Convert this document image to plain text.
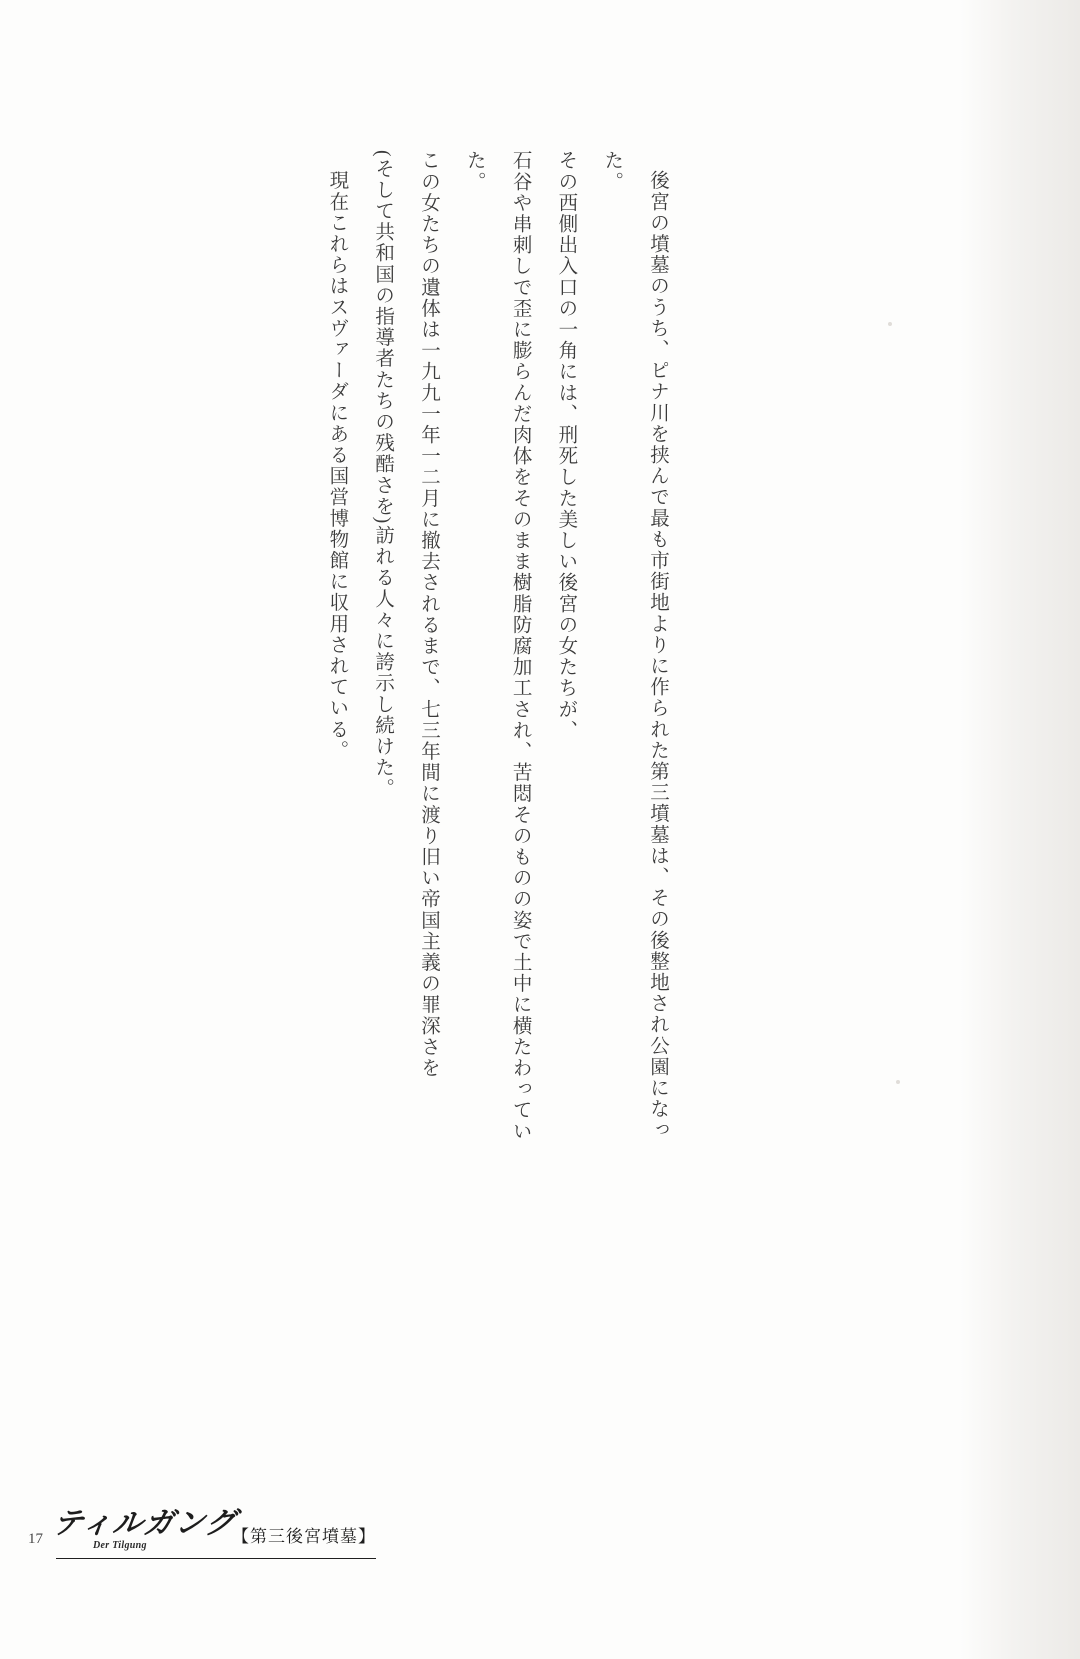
後宮の墳墓のうち、ピナ川を挟んで最も市街地よりに作られた第三墳墓は、その後整地され公園になった。

その西側出入口の一角には、刑死した美しい後宮の女たちが、

石谷や串刺しで歪に膨らんだ肉体をそのまま樹脂防腐加工され、苦悶そのものの姿で土中に横たわっていた。

この女たちの遺体は一九九一年一二月に撤去されるまで、七三年間に渡り旧い帝国主義の罪深さを

(そして共和国の指導者たちの残酷さを)訪れる人々に誇示し続けた。

現在これらはスヴァーダにある国営博物館に収用されている。

17 ティルガング
Der Tilgung	【第三後宮墳墓】
